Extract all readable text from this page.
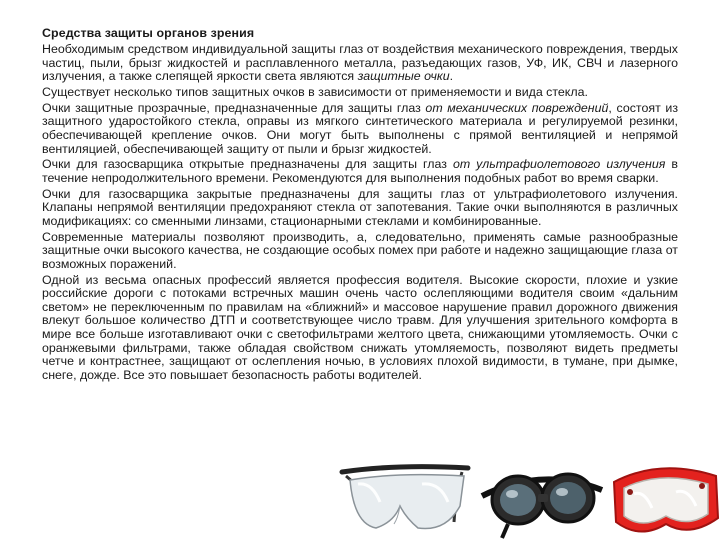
Средства защиты органов зрения

Необходимым средством индивидуальной защиты глаз от воздействия механического повреждения, твердых частиц, пыли, брызг жидкостей и расплавленного металла, разъедающих газов, УФ, ИК, СВЧ и лазерного излучения, а также слепящей яркости света являются защитные очки.

Существует несколько типов защитных очков в зависимости от применяемости и вида стекла.

Очки защитные прозрачные, предназначенные для защиты глаз от механических повреждений, состоят из защитного ударостойкого стекла, оправы из мягкого синтетического материала и регулируемой резинки, обеспечивающей крепление очков. Они могут быть выполнены с прямой вентиляцией и непрямой вентиляцией, обеспечивающей защиту от пыли и брызг жидкостей.

Очки для газосварщика открытые предназначены для защиты глаз от ультрафиолетового излучения в течение непродолжительного времени. Рекомендуются для выполнения подобных работ во время сварки.

Очки для газосварщика закрытые предназначены для защиты глаз от ультрафиолетового излучения. Клапаны непрямой вентиляции предохраняют стекла от запотевания. Такие очки выполняются в различных модификациях: со сменными линзами, стационарными стеклами и комбинированные.

Современные материалы позволяют производить, а, следовательно, применять самые разнообразные защитные очки высокого качества, не создающие особых помех при работе и надежно защищающие глаза от возможных поражений.

Одной из весьма опасных профессий является профессия водителя. Высокие скорости, плохие и узкие российские дороги с потоками встречных машин очень часто ослепляющими водителя своим «дальним светом» не переключенным по правилам на «ближний» и массовое нарушение правил дорожного движения влекут большое количество ДТП и соответствующее число травм. Для улучшения зрительного комфорта в мире все больше изготавливают очки с светофильтрами желтого цвета, снижающими утомляемость. Очки с оранжевыми фильтрами, также обладая свойством снижать утомляемость, позволяют видеть предметы четче и контрастнее, защищают от ослепления ночью, в условиях плохой видимости, в тумане, при дымке, снеге, дожде. Все это повышает безопасность работы водителей.
